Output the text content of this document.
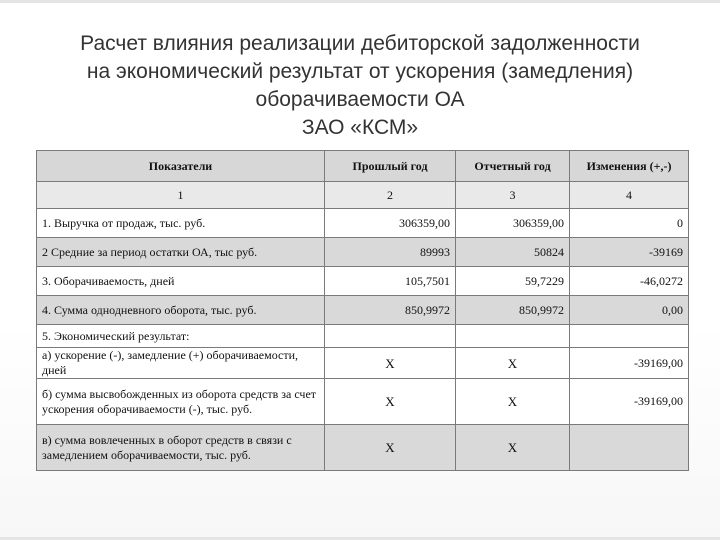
Расчет влияния реализации дебиторской задолженности
на экономический результат от ускорения (замедления)
оборачиваемости ОА
ЗАО «КСМ»
Показатели	Прошлый год	Отчетный год	Изменения (+,-)
1	2	3	4
1. Выручка от продаж, тыс. руб.	306359,00	306359,00	0
2 Средние за период остатки ОА, тыс руб.	89993	50824	-39169
3. Оборачиваемость, дней	105,7501	59,7229	-46,0272
4. Сумма однодневного оборота, тыс. руб.	850,9972	850,9972	0,00
5. Экономический результат:			
а) ускорение (-), замедление (+) оборачиваемости, дней	Х	Х	-39169,00
б) сумма высвобожденных из оборота средств за счет ускорения оборачиваемости (-), тыс. руб.	Х	Х	-39169,00
в) сумма вовлеченных в оборот средств в связи с замедлением оборачиваемости, тыс. руб.	Х	Х	
